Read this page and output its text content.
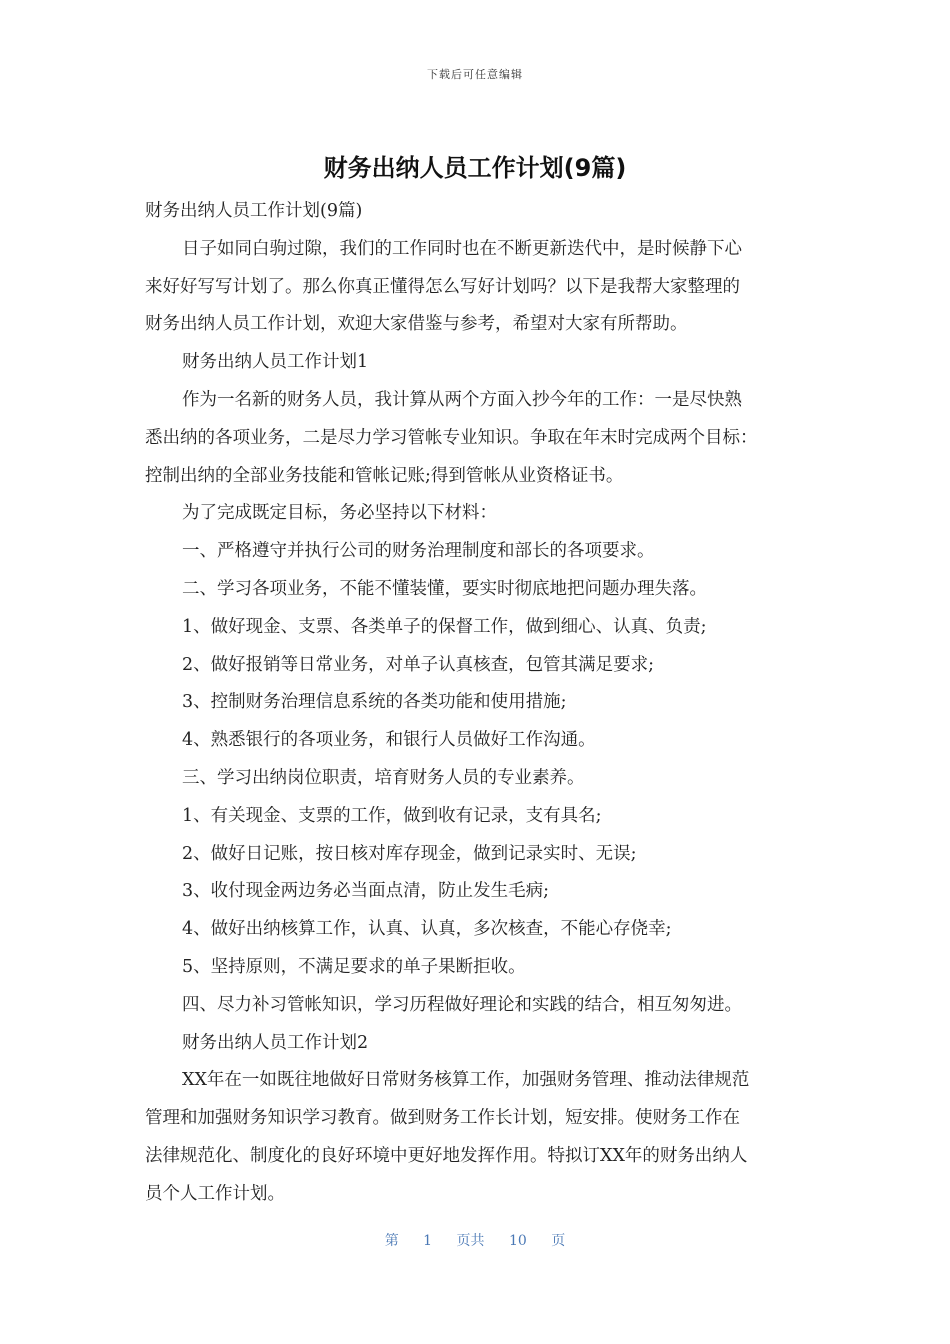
下载后可任意编辑
财务出纳人员工作计划(9篇)
财务出纳人员工作计划(9篇)
日子如同白驹过隙，我们的工作同时也在不断更新迭代中，是时候静下心
来好好写写计划了。那么你真正懂得怎么写好计划吗？以下是我帮大家整理的
财务出纳人员工作计划，欢迎大家借鉴与参考，希望对大家有所帮助。
财务出纳人员工作计划1
作为一名新的财务人员，我计算从两个方面入抄今年的工作：一是尽快熟
悉出纳的各项业务，二是尽力学习管帐专业知识。争取在年末时完成两个目标：
控制出纳的全部业务技能和管帐记账;得到管帐从业资格证书。
为了完成既定目标，务必坚持以下材料：
一、严格遵守并执行公司的财务治理制度和部长的各项要求。
二、学习各项业务，不能不懂装懂，要实时彻底地把问题办理失落。
1、做好现金、支票、各类单子的保督工作，做到细心、认真、负责;
2、做好报销等日常业务，对单子认真核查，包管其满足要求;
3、控制财务治理信息系统的各类功能和使用措施;
4、熟悉银行的各项业务，和银行人员做好工作沟通。
三、学习出纳岗位职责，培育财务人员的专业素养。
1、有关现金、支票的工作，做到收有记录，支有具名;
2、做好日记账，按日核对库存现金，做到记录实时、无误;
3、收付现金两边务必当面点清，防止发生毛病;
4、做好出纳核算工作，认真、认真，多次核查，不能心存侥幸;
5、坚持原则，不满足要求的单子果断拒收。
四、尽力补习管帐知识，学习历程做好理论和实践的结合，相互匆匆进。
财务出纳人员工作计划2
XX年在一如既往地做好日常财务核算工作，加强财务管理、推动法律规范
管理和加强财务知识学习教育。做到财务工作长计划，短安排。使财务工作在
法律规范化、制度化的良好环境中更好地发挥作用。特拟订XX年的财务出纳人
员个人工作计划。
第 1 页共 10 页
